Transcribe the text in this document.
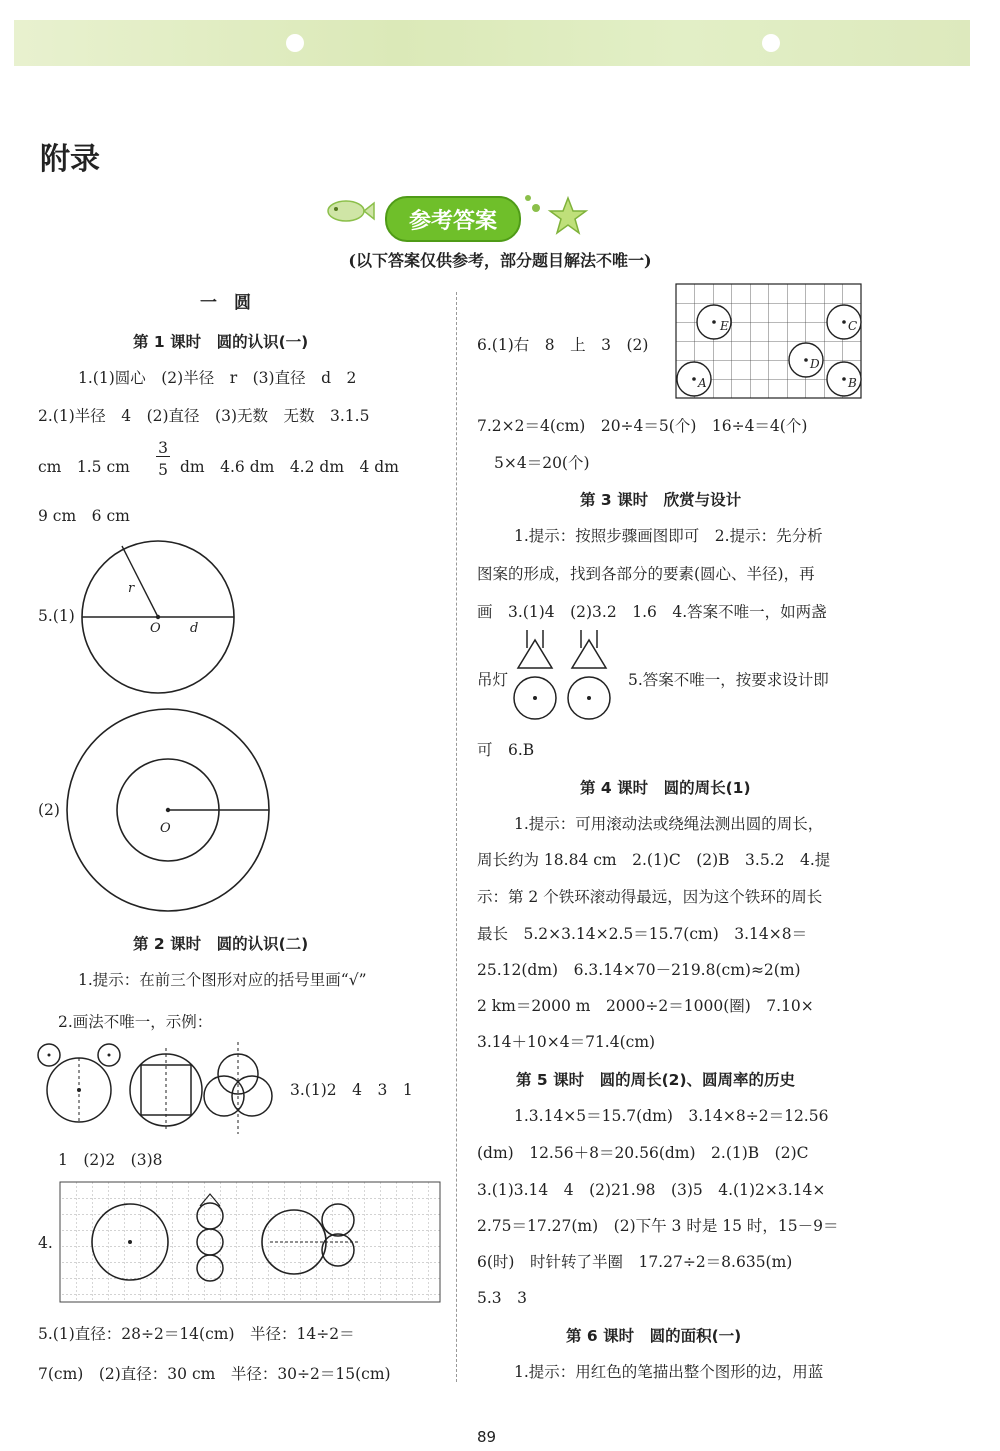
附录
参考答案
(以下答案仅供参考，部分题目解法不唯一)
一　圆
第 1 课时　圆的认识(一)
1.(1)圆心　(2)半径　r　(3)直径　d　2
2.(1)半径　4　(2)直径　(3)无数　无数　3.1.5
cm　1.5 cm
3
5 dm　4.6 dm　4.2 dm　4 dm
9 cm　6 cm
5.(1)
r
O d
(2)
O
第 2 课时　圆的认识(二)
1.提示：在前三个图形对应的括号里画“√”
2.画法不唯一，示例：
3.(1)2　4　3　1
1　(2)2　(3)8
4.
5.(1)直径：28÷2＝14(cm)　半径：14÷2＝
7(cm)　(2)直径：30 cm　半径：30÷2＝15(cm)
6.(1)右　8　上　3　(2)
E	C
D
A	B
7.2×2＝4(cm)　20÷4＝5(个)　16÷4＝4(个)
5×4＝20(个)
第 3 课时　欣赏与设计
1.提示：按照步骤画图即可　2.提示：先分析
图案的形成，找到各部分的要素(圆心、半径)，再
画　3.(1)4　(2)3.2　1.6　4.答案不唯一，如两盏
吊灯	5.答案不唯一，按要求设计即
可　6.B
第 4 课时　圆的周长(1)
1.提示：可用滚动法或绕绳法测出圆的周长，
周长约为 18.84 cm　2.(1)C　(2)B　3.5.2　4.提
示：第 2 个铁环滚动得最远，因为这个铁环的周长
最长　5.2×3.14×2.5＝15.7(cm)　3.14×8＝
25.12(dm)　6.3.14×70－219.8(cm)≈2(m)
2 km＝2000 m　2000÷2＝1000(圈)　7.10×
3.14＋10×4＝71.4(cm)
第 5 课时　圆的周长(2)、圆周率的历史
1.3.14×5＝15.7(dm)　3.14×8÷2＝12.56
(dm)　12.56＋8＝20.56(dm)　2.(1)B　(2)C
3.(1)3.14　4　(2)21.98　(3)5　4.(1)2×3.14×
2.75＝17.27(m)　(2)下午 3 时是 15 时，15－9＝
6(时)　时针转了半圈　17.27÷2＝8.635(m)
5.3　3
第 6 课时　圆的面积(一)
1.提示：用红色的笔描出整个图形的边，用蓝
89
